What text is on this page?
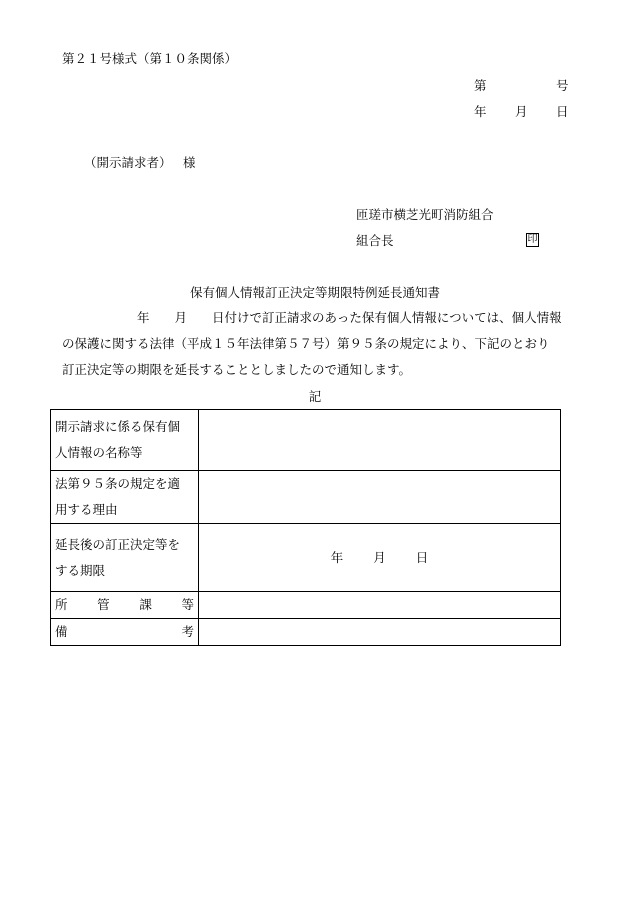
第２１号様式（第１０条関係）
第	号
年 月 日
（開示請求者） 様
匝瑳市横芝光町消防組合
組合長	印
保有個人情報訂正決定等期限特例延長通知書
　　　　　　年　　月　　日付けで訂正請求のあった保有個人情報については、個人情報
の保護に関する法律（平成１５年法律第５７号）第９５条の規定により、下記のとおり
訂正決定等の期限を延長することとしましたので通知します。
記
開示請求に係る保有個
人情報の名称等	

法第９５条の規定を適
用する理由	

延長後の訂正決定等を
する期限	年 月 日

所 管 課 等	

備 考	
